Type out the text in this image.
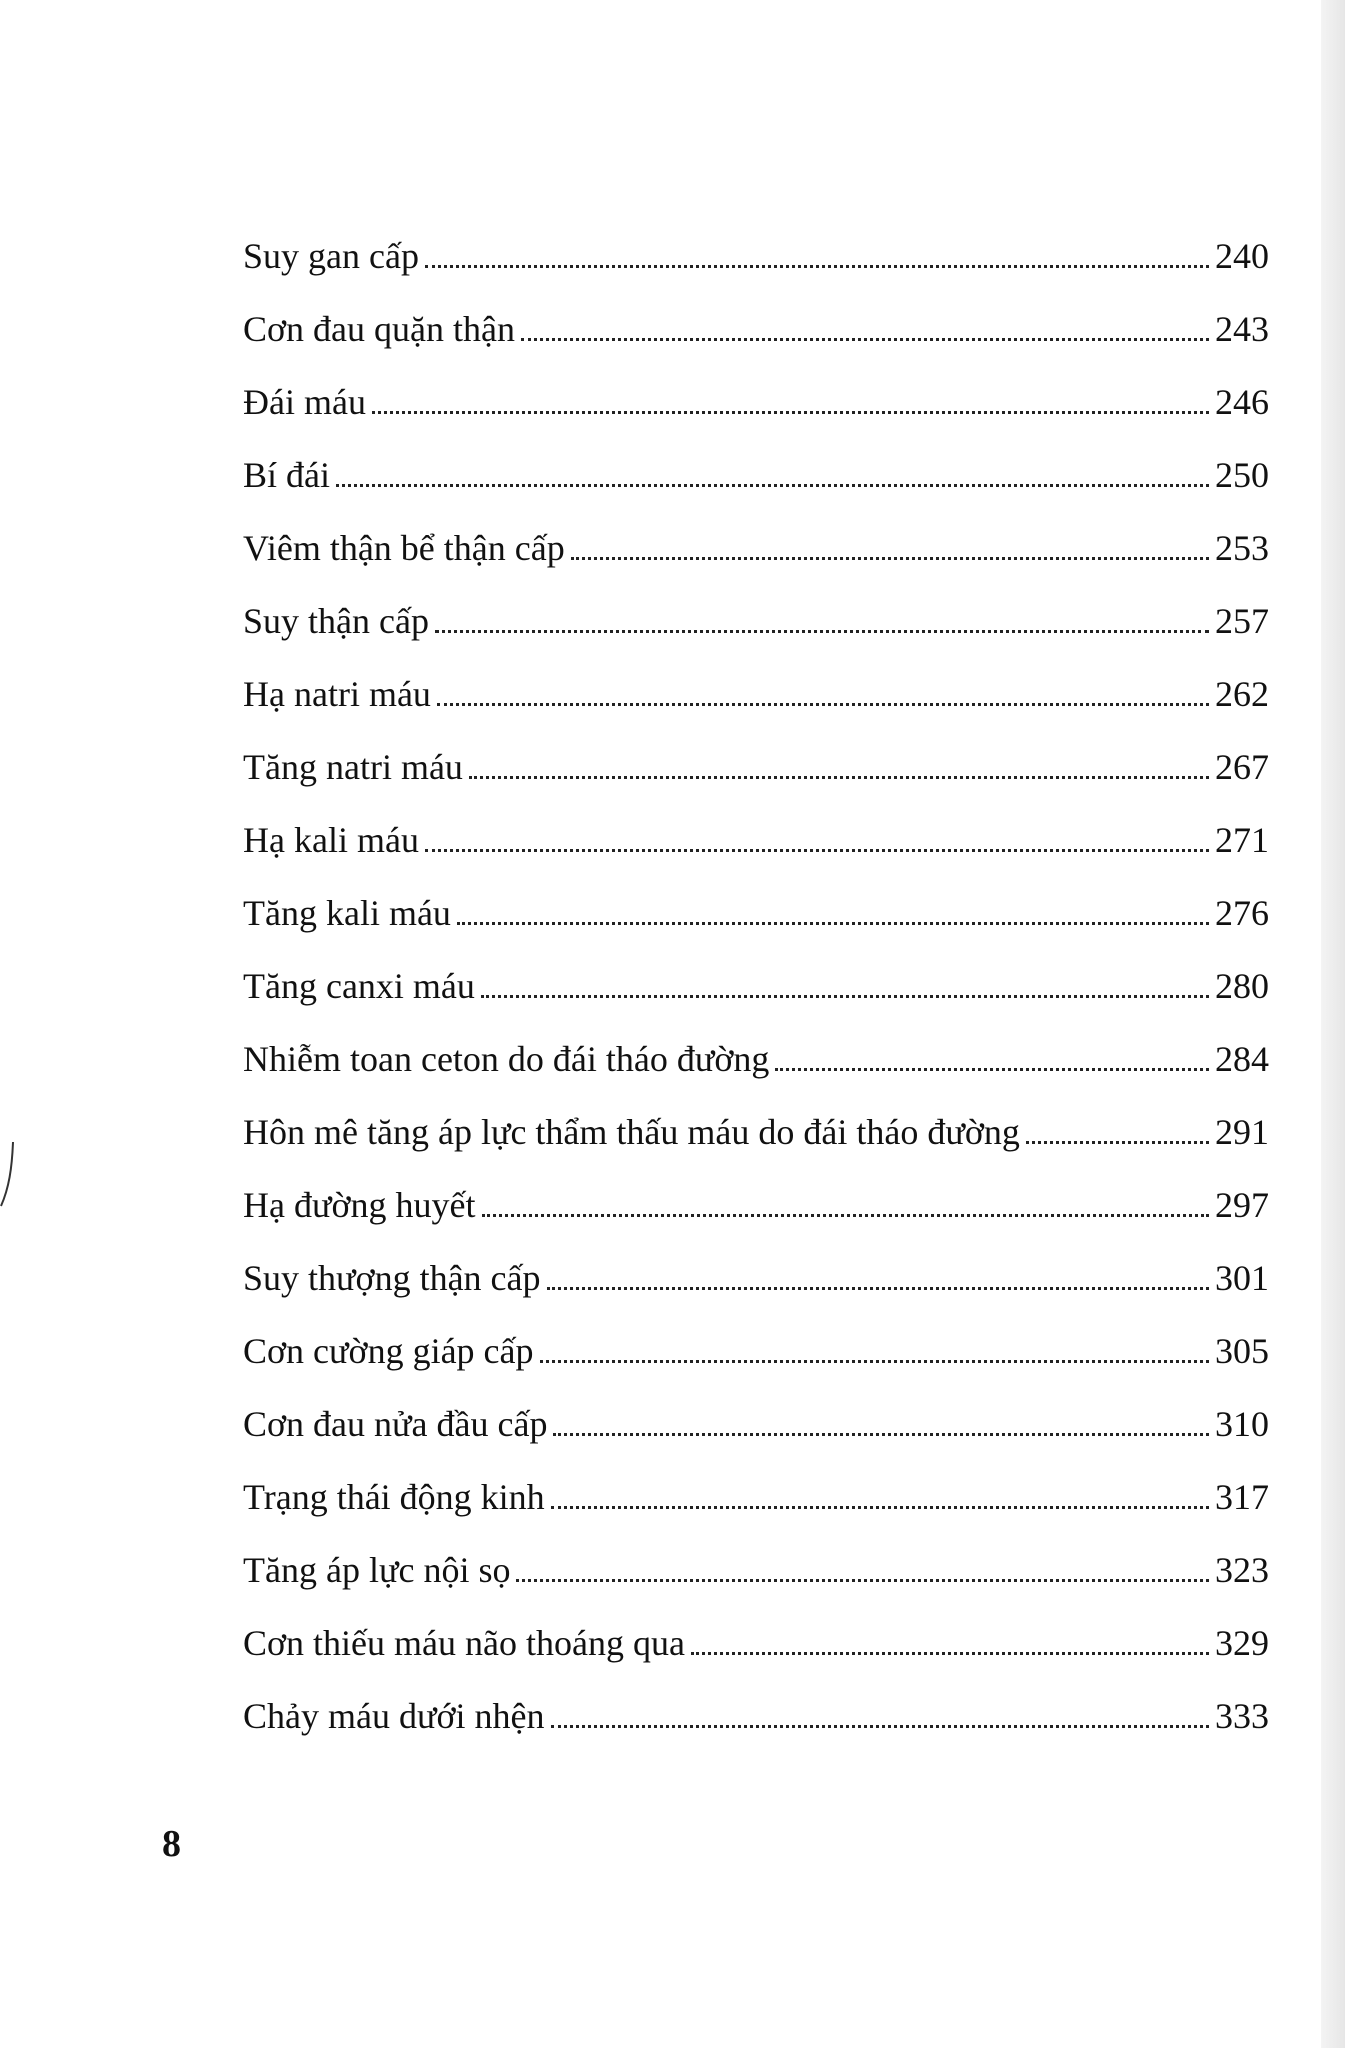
Suy gan cấp	240
Cơn đau quặn thận	243
Đái máu	246
Bí đái	250
Viêm thận bể thận cấp	253
Suy thận cấp	257
Hạ natri máu	262
Tăng natri máu	267
Hạ kali máu	271
Tăng kali máu	276
Tăng canxi máu	280
Nhiễm toan ceton do đái tháo đường	284
Hôn mê tăng áp lực thẩm thấu máu do đái tháo đường	291
Hạ đường huyết	297
Suy thượng thận cấp	301
Cơn cường giáp cấp	305
Cơn đau nửa đầu cấp	310
Trạng thái động kinh	317
Tăng áp lực nội sọ	323
Cơn thiếu máu não thoáng qua	329
Chảy máu dưới nhện	333
8
